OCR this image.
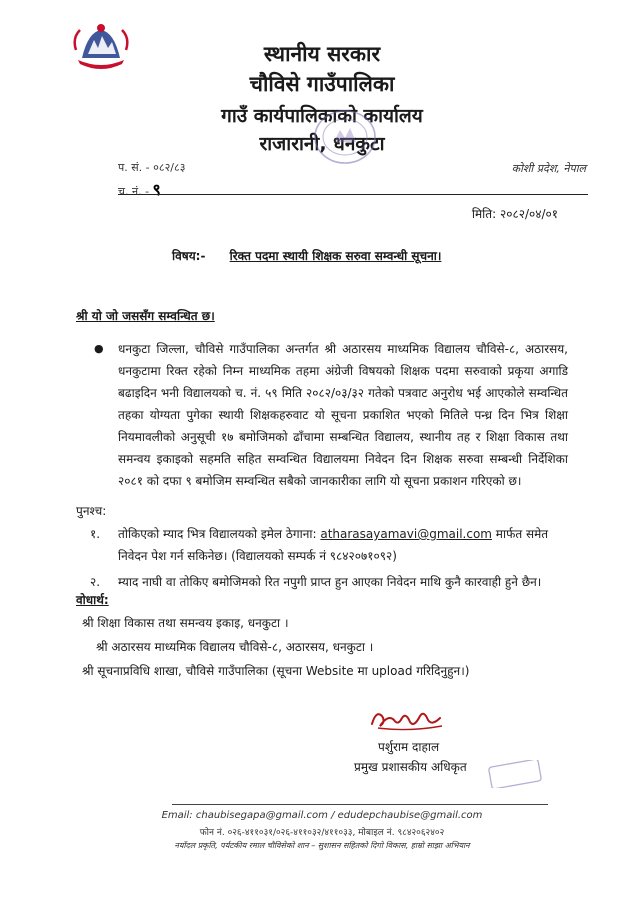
स्थानीय सरकार
चौविसे गाउँपालिका
गाउँ कार्यपालिकाको कार्यालय
राजारानी, धनकुटा
प. सं. - ०८२/८३
च. नं. - ९
कोशी प्रदेश, नेपाल
मिति: २०८२/०४/०१
विषय:- रिक्त पदमा स्थायी शिक्षक सरुवा सम्वन्धी सूचना।
श्री यो जो जससँग सम्वन्धित छ।
● धनकुटा जिल्ला, चौविसे गाउँपालिका अन्तर्गत श्री अठारसय माध्यमिक विद्यालय चौविसे-८, अठारसय, धनकुटामा रिक्त रहेको निम्न माध्यमिक तहमा अंग्रेजी विषयको शिक्षक पदमा सरुवाको प्रकृया अगाडि बढाइदिन भनी विद्यालयको च. नं. ५९ मिति २०८२/०३/३२ गतेको पत्रवाट अनुरोध भई आएकोले सम्वन्धित तहका योग्यता पुगेका स्थायी शिक्षकहरुवाट यो सूचना प्रकाशित भएको मितिले पन्ध्र दिन भित्र शिक्षा नियमावलीको अनुसूची १७ बमोजिमको ढाँचामा सम्बन्धित विद्यालय, स्थानीय तह र शिक्षा विकास तथा समन्वय इकाइको सहमति सहित सम्वन्धित विद्यालयमा निवेदन दिन शिक्षक सरुवा सम्बन्धी निर्देशिका २०८१ को दफा ९ बमोजिम सम्वन्धित सबैको जानकारीका लागि यो सूचना प्रकाशन गरिएको छ।
पुनश्च:
१. तोकिएको म्याद भित्र विद्यालयको इमेल ठेगाना: atharasayamavi@gmail.com मार्फत समेत निवेदन पेश गर्न सकिनेछ। (विद्यालयको सम्पर्क नं ९८४२०७१०९२)
२. म्याद नाघी वा तोकिए बमोजिमको रित नपुगी प्राप्त हुन आएका निवेदन माथि कुनै कारवाही हुने छैन।
वोधार्थ:
श्री शिक्षा विकास तथा समन्वय इकाइ, धनकुटा ।
श्री अठारसय माध्यमिक विद्यालय चौविसे-८, अठारसय, धनकुटा ।
श्री सूचनाप्रविधि शाखा, चौविसे गाउँपालिका (सूचना Website मा upload गरिदिनुहुन।)
पर्शुराम दाहाल
प्रमुख प्रशासकीय अधिकृत
Email: chaubisegapa@gmail.com / edudepchaubise@gmail.com
फोन नं. ०२६-४११०३१/०२६-४११०३२/४११०३३, मोबाइल नं. ९८४२०६२४०२
नयाँदल प्रकृति, पर्यटकीय रमाल चौविसेको शान – सुशासन सहितको दिगो विकास, हाम्रो साझा अभियान
